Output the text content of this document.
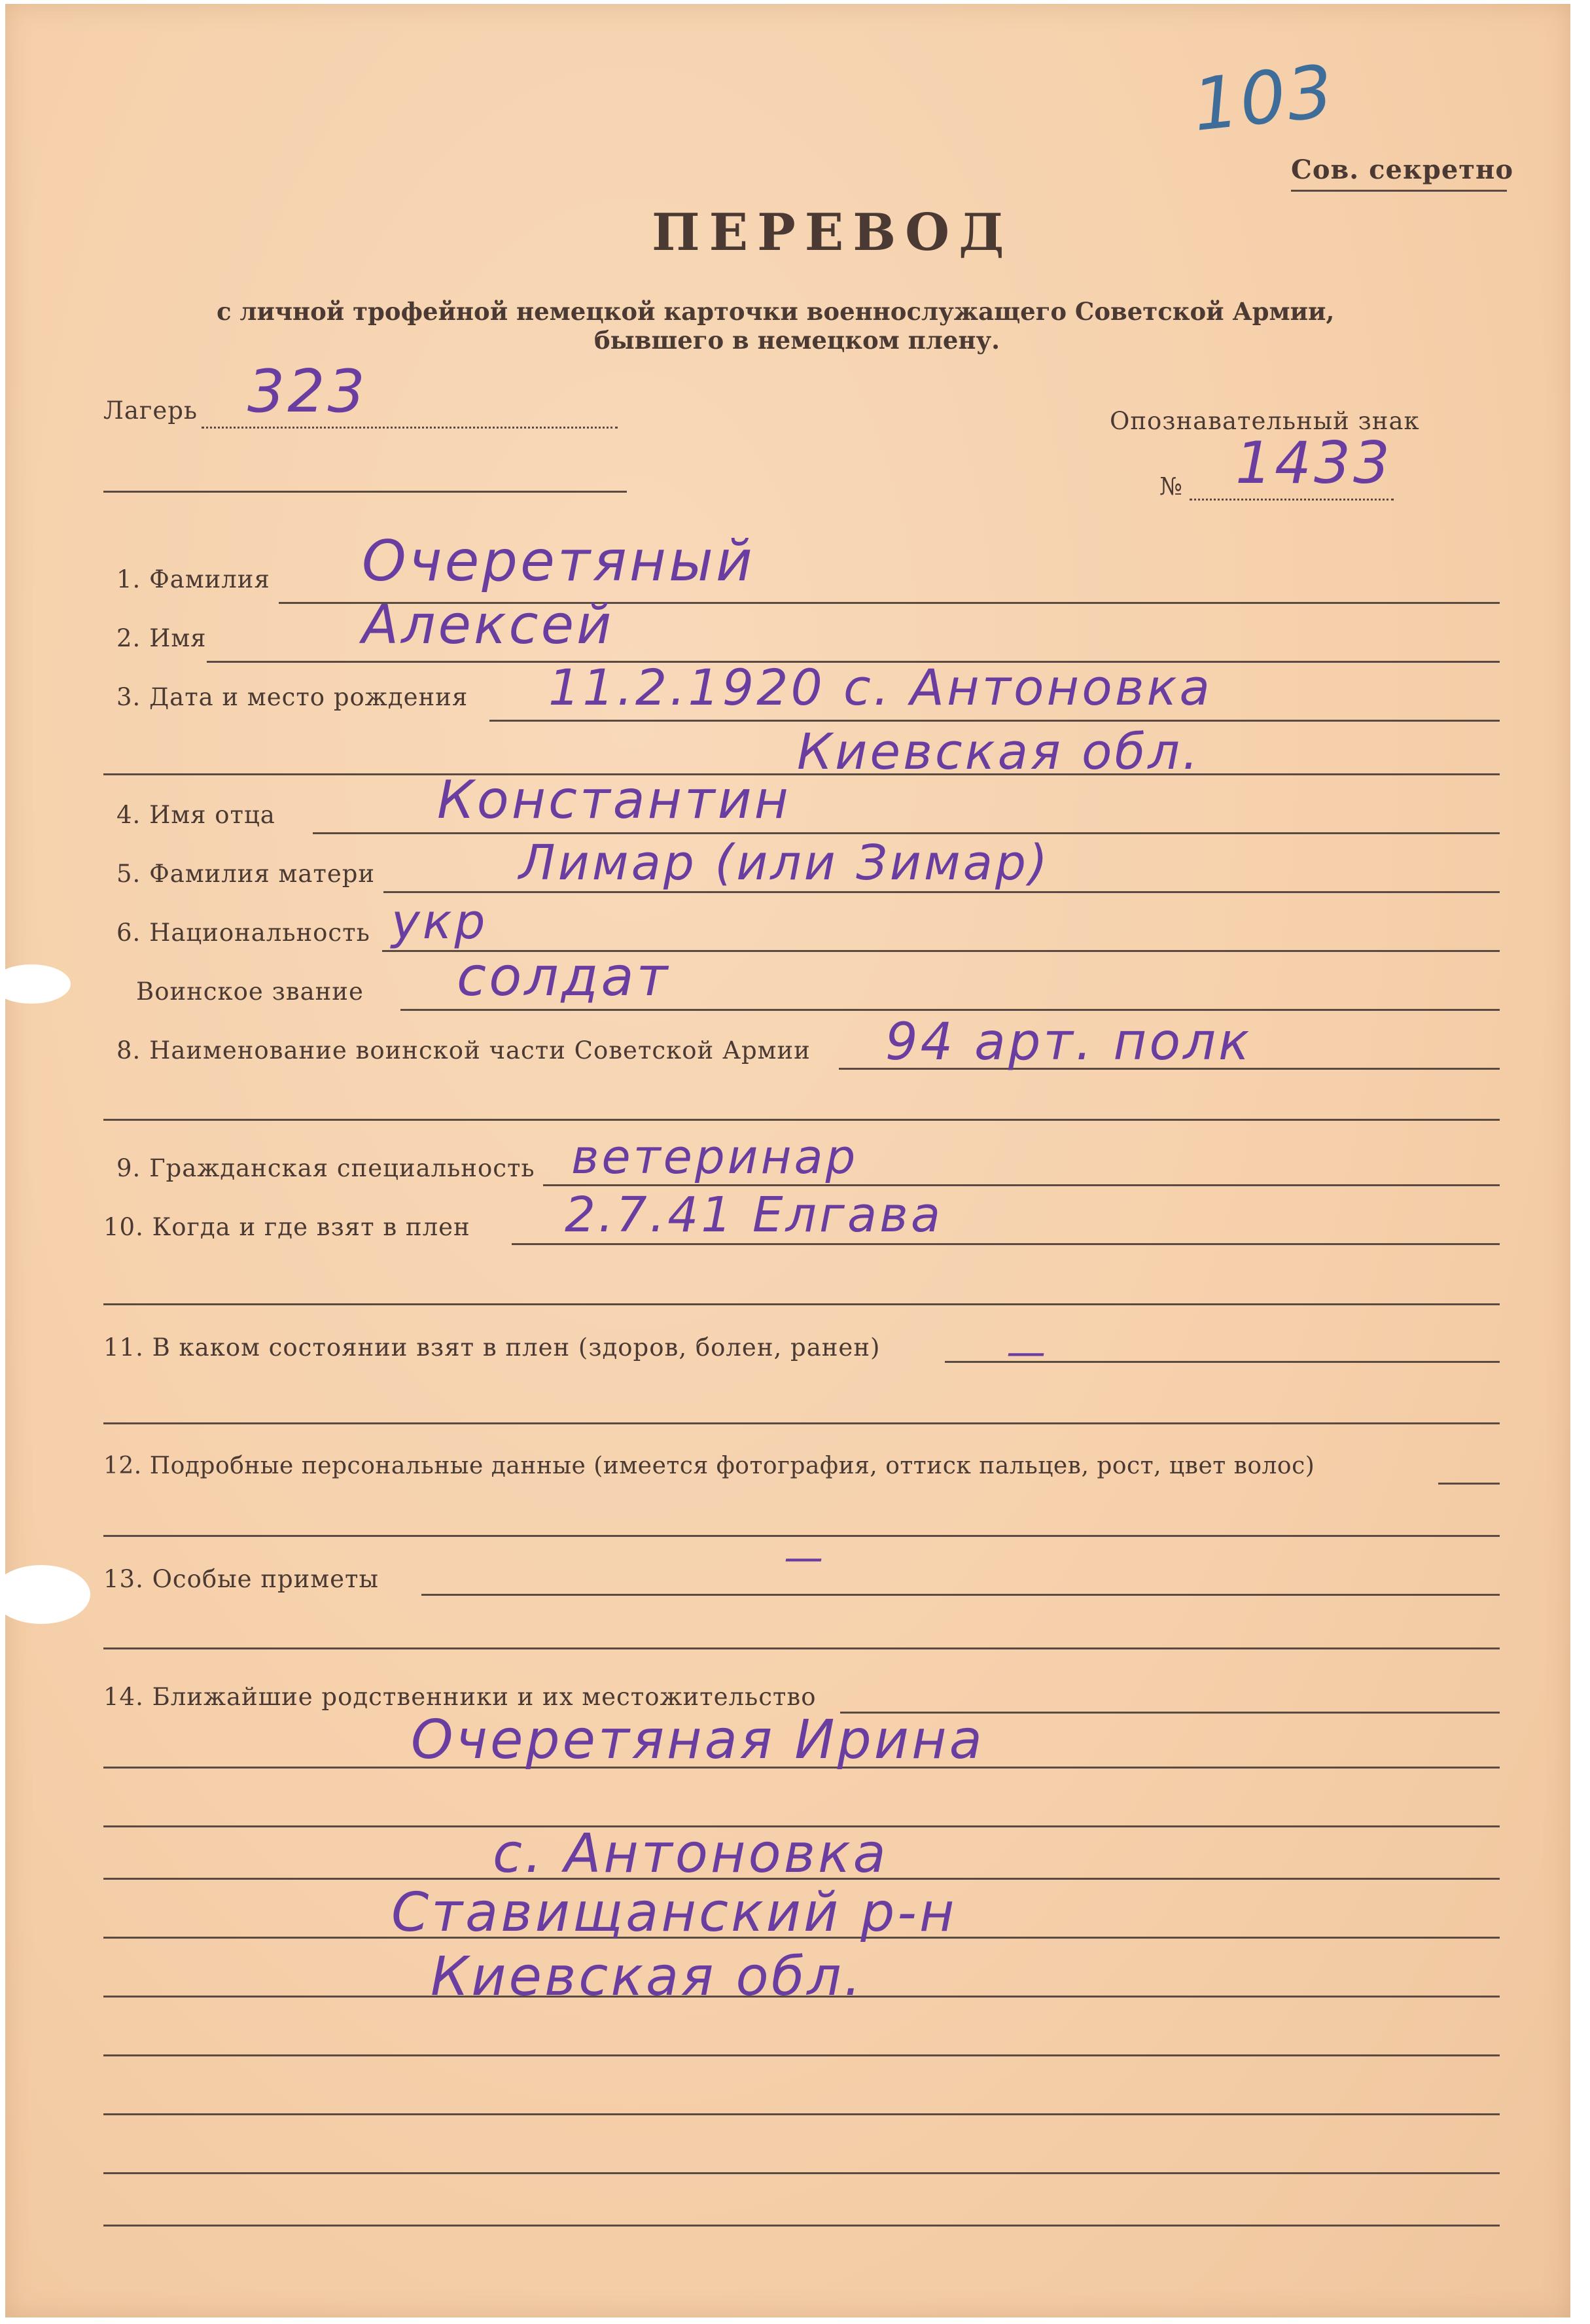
103
Сов. секретно
ПЕРЕВОД
с личной трофейной немецкой карточки военнослужащего Советской Армии,
бывшего в немецком плену.
Лагерь 323	Опознавательный знак
№ 1433
1. Фамилия Очеретяный
2. Имя	Алексей
3. Дата и место рождения 11.2.1920 с. Антоновка
Киевская обл.
4. Имя отца	Константин
5. Фамилия матери	Лимар (или Зимар)
6. Национальность укр
Воинское звание солдат
8. Наименование воинской части Советской Армии 94 арт. полк
9. Гражданская специальность ветеринар
10. Когда и где взят в плен 2.7.41 Елгава
11. В каком состоянии взят в плен (здоров, болен, ранен)	—
12. Подробные персональные данные (имеется фотография, оттиск пальцев, рост, цвет волос)
13. Особые приметы	—
14. Ближайшие родственники и их местожительство
Очеретяная Ирина
с. Антоновка
Ставищанский р-н
Киевская обл.
